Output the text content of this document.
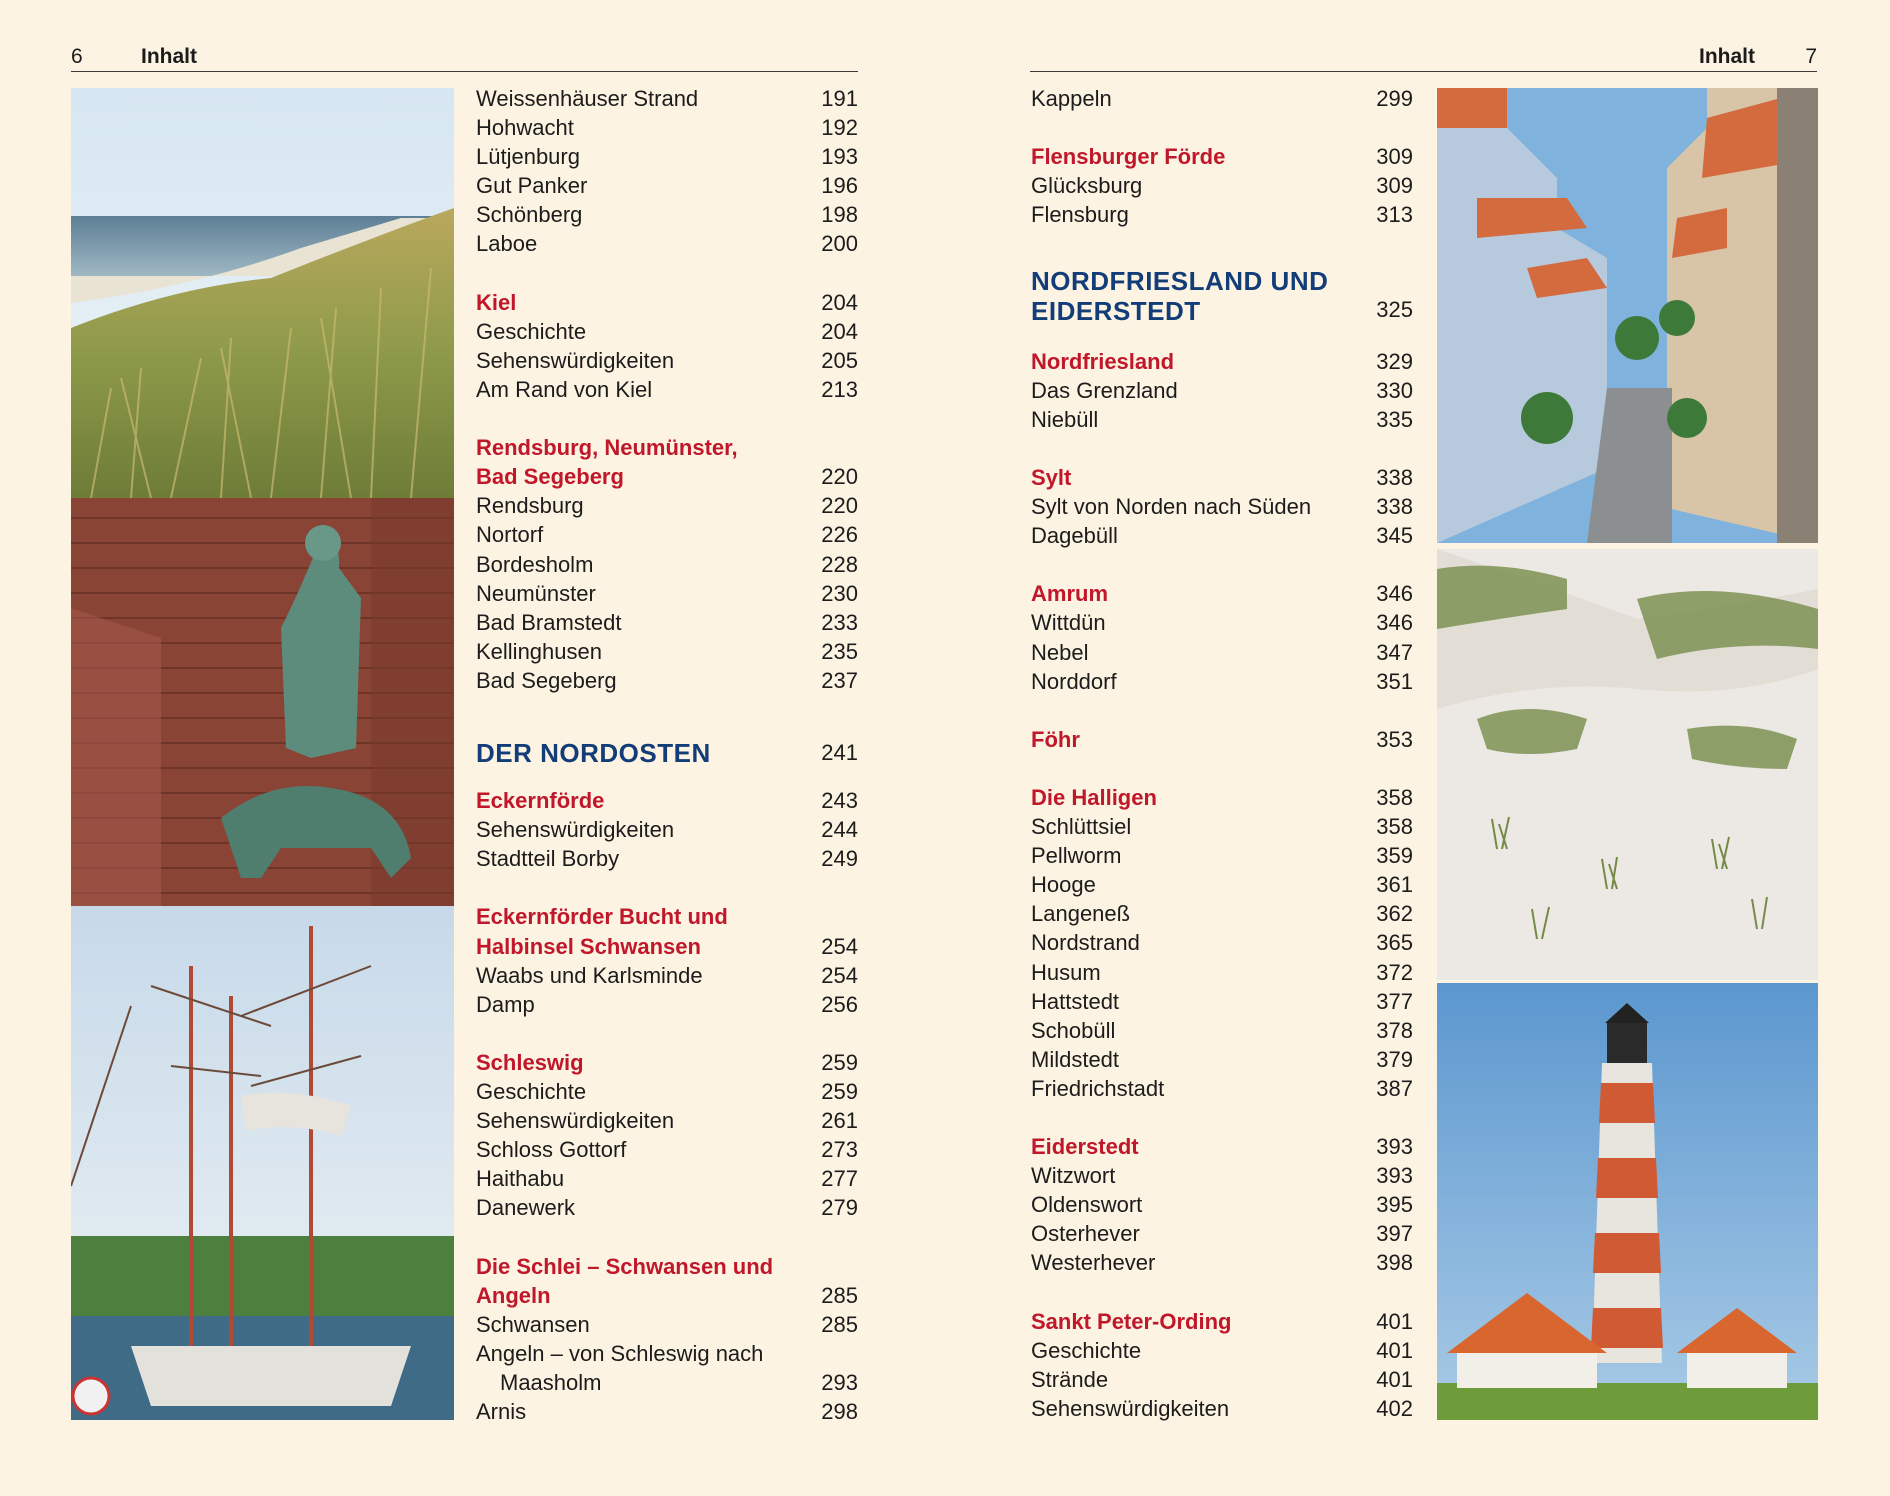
6	Inhalt
Weissenhäuser Strand	191
Hohwacht	192
Lütjenburg	193
Gut Panker	196
Schönberg	198
Laboe	200
Kiel	204
Geschichte	204
Sehenswürdigkeiten	205
Am Rand von Kiel	213
Rendsburg, Neumünster,
Bad Segeberg	220
Rendsburg	220
Nortorf	226
Bordesholm	228
Neumünster	230
Bad Bramstedt	233
Kellinghusen	235
Bad Segeberg	237
DER NORDOSTEN	241
Eckernförde	243
Sehenswürdigkeiten	244
Stadtteil Borby	249
Eckernförder Bucht und
Halbinsel Schwansen	254
Waabs und Karlsminde	254
Damp	256
Schleswig	259
Geschichte	259
Sehenswürdigkeiten	261
Schloss Gottorf	273
Haithabu	277
Danewerk	279
Die Schlei – Schwansen und
Angeln	285
Schwansen	285
Angeln – von Schleswig nach
Maasholm	293
Arnis	298
Inhalt 7
Kappeln	299
Flensburger Förde	309
Glücksburg	309
Flensburg	313
NORDFRIESLAND UND
EIDERSTEDT	325
Nordfriesland	329
Das Grenzland	330
Niebüll	335
Sylt	338
Sylt von Norden nach Süden	338
Dagebüll	345
Amrum	346
Wittdün	346
Nebel	347
Norddorf	351
Föhr	353
Die Halligen	358
Schlüttsiel	358
Pellworm	359
Hooge	361
Langeneß	362
Nordstrand	365
Husum	372
Hattstedt	377
Schobüll	378
Mildstedt	379
Friedrichstadt	387
Eiderstedt	393
Witzwort	393
Oldenswort	395
Osterhever	397
Westerhever	398
Sankt Peter-Ording	401
Geschichte	401
Strände	401
Sehenswürdigkeiten	402
